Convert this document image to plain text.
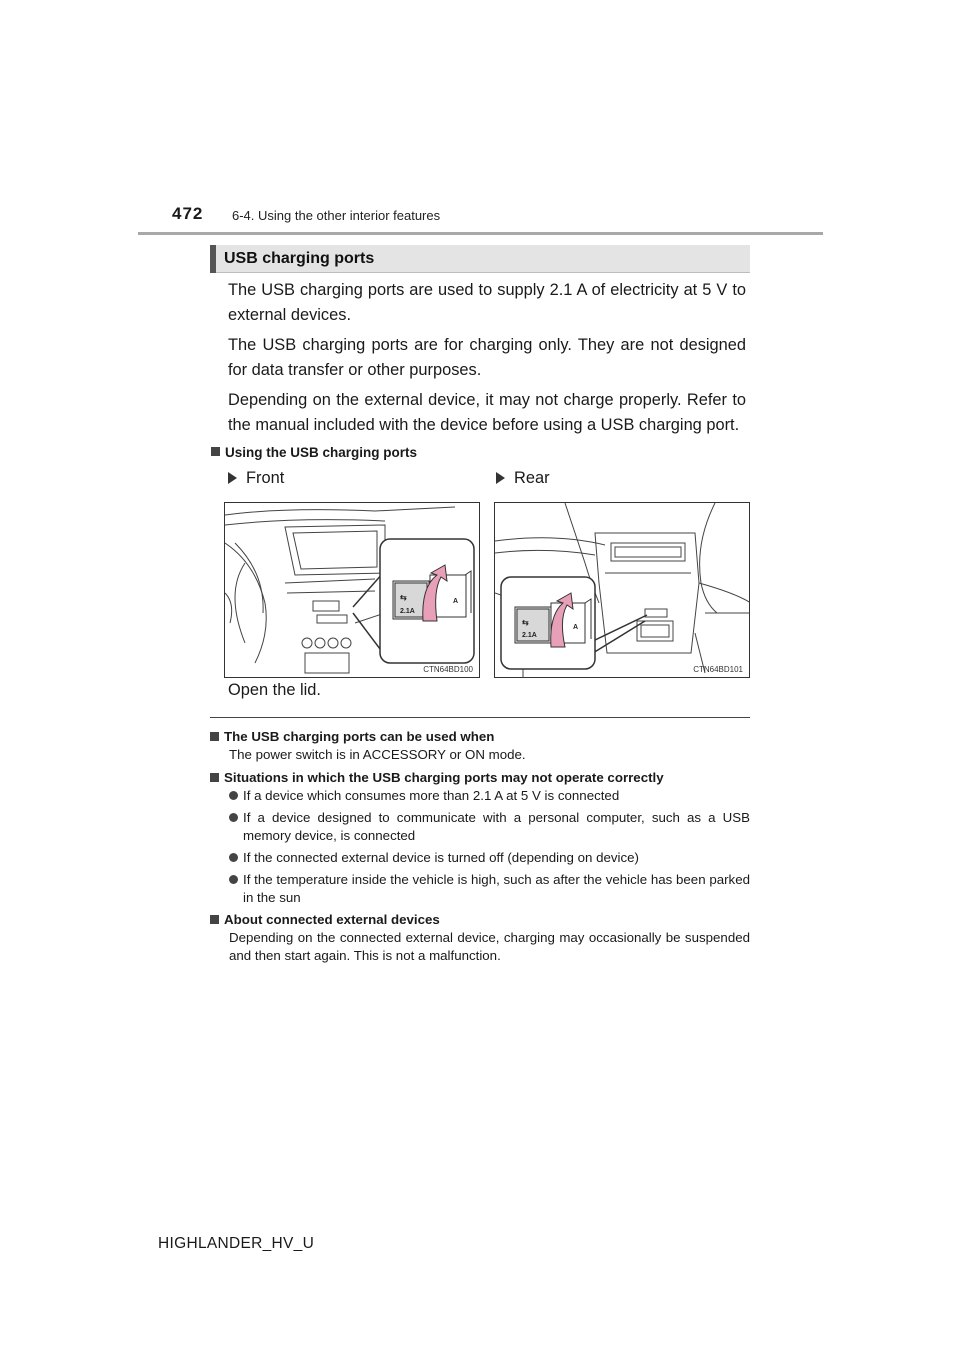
472 6-4. Using the other interior features
USB charging ports

The USB charging ports are used to supply 2.1 A of electricity at 5 V to external devices.

The USB charging ports are for charging only. They are not designed for data transfer or other purposes.

Depending on the external device, it may not charge properly. Refer to the manual included with the device before using a USB charging port.

Using the USB charging ports
Front	Rear
⇆
2.1A
A
CTN64BD100
⇆
2.1A
A
CTN64BD101
Open the lid.
The USB charging ports can be used when
The power switch is in ACCESSORY or ON mode.
Situations in which the USB charging ports may not operate correctly
If a device which consumes more than 2.1 A at 5 V is connected
If a device designed to communicate with a personal computer, such as a USB memory device, is connected
If the connected external device is turned off (depending on device)
If the temperature inside the vehicle is high, such as after the vehicle has been parked in the sun
About connected external devices
Depending on the connected external device, charging may occasionally be suspended and then start again. This is not a malfunction.
HIGHLANDER_HV_U
